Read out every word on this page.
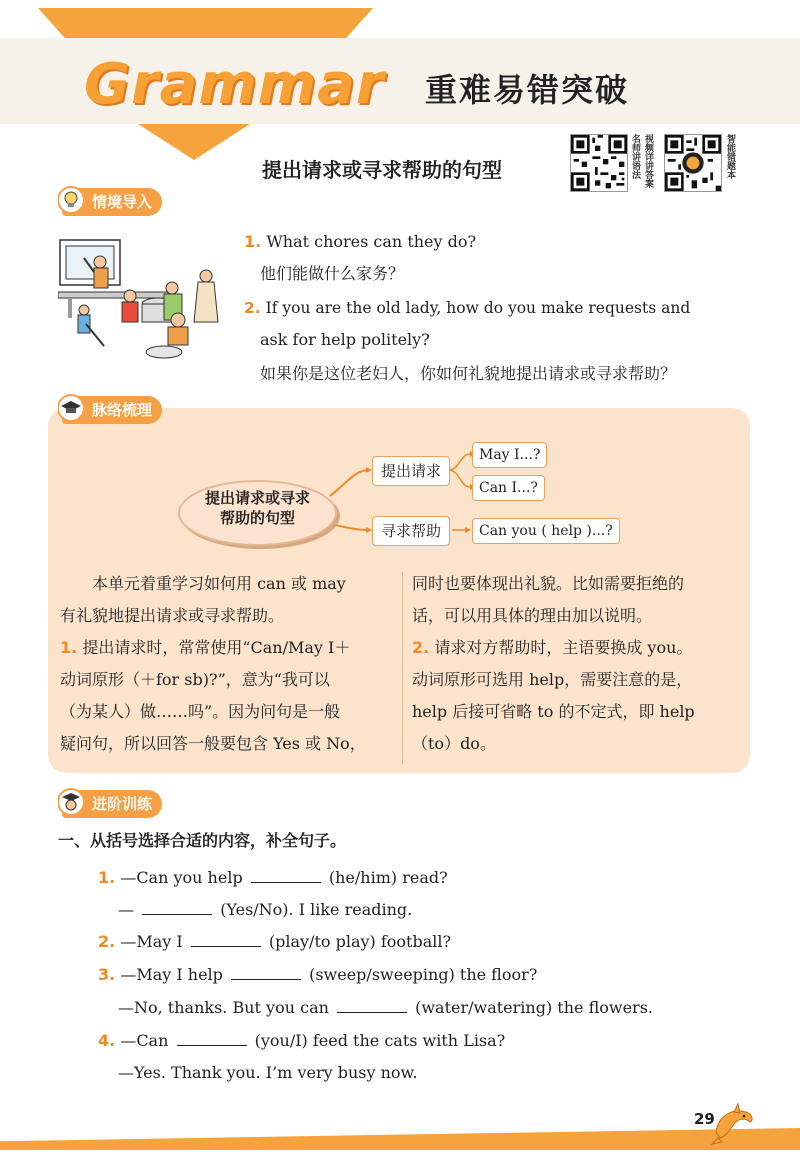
Grammar 重难易错突破
提出请求或寻求帮助的句型	名师讲语法 视频详讲答案	智能错题本
情境导入
1. What chores can they do?
他们能做什么家务？
2. If you are the old lady, how do you make requests and
ask for help politely?
如果你是这位老妇人，你如何礼貌地提出请求或寻求帮助？
脉络梳理
提出请求或寻求
帮助的句型
提出请求
May I...?
Can I...?
寻求帮助	Can you ( help )...?
本单元着重学习如何用 can 或 may
有礼貌地提出请求或寻求帮助。
1. 提出请求时，常常使用“Can/May I＋
动词原形（＋for sb)?”，意为“我可以
（为某人）做……吗”。因为问句是一般
疑问句，所以回答一般要包含 Yes 或 No，
同时也要体现出礼貌。比如需要拒绝的
话，可以用具体的理由加以说明。
2. 请求对方帮助时，主语要换成 you。
动词原形可选用 help，需要注意的是，
help 后接可省略 to 的不定式，即 help
（to）do。
进阶训练
一、从括号选择合适的内容，补全句子。
1. —Can you help	(he/him) read?
—	(Yes/No). I like reading.
2. —May I	(play/to play) football?
3. —May I help	(sweep/sweeping) the floor?
—No, thanks. But you can	(water/watering) the flowers.
4. —Can	(you/I) feed the cats with Lisa?
—Yes. Thank you. I’m very busy now.
29
